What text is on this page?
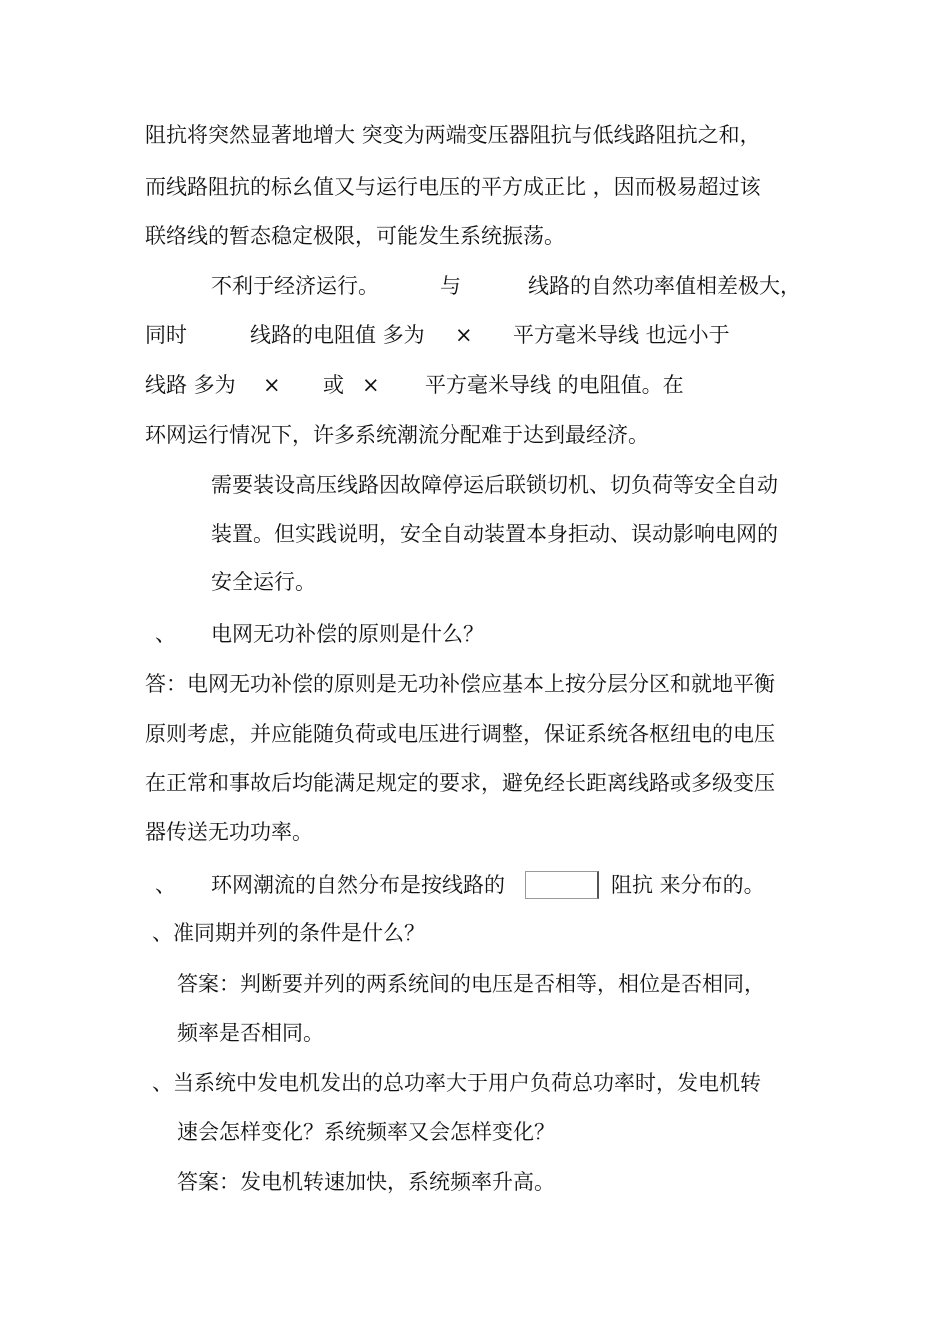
阻抗将突然显著地增大 突变为两端变压器阻抗与低线路阻抗之和，
而线路阻抗的标幺值又与运行电压的平方成正比 ，因而极易超过该
联络线的暂态稳定极限，可能发生系统振荡。
不利于经济运行。	与	线路的自然功率值相差极大，
同时	线路的电阻值 多为 × 平方毫米导线 也远小于
线路 多为 × 或 × 平方毫米导线 的电阻值。在
环网运行情况下，许多系统潮流分配难于达到最经济。
需要装设高压线路因故障停运后联锁切机、切负荷等安全自动
装置。但实践说明，安全自动装置本身拒动、误动影响电网的
安全运行。
、 电网无功补偿的原则是什么？
答：电网无功补偿的原则是无功补偿应基本上按分层分区和就地平衡
原则考虑，并应能随负荷或电压进行调整，保证系统各枢纽电的电压
在正常和事故后均能满足规定的要求，避免经长距离线路或多级变压
器传送无功功率。
、 环网潮流的自然分布是按线路的	阻抗 来分布的。
、准同期并列的条件是什么？
答案：判断要并列的两系统间的电压是否相等，相位是否相同，
频率是否相同。
、当系统中发电机发出的总功率大于用户负荷总功率时，发电机转
速会怎样变化？系统频率又会怎样变化？
答案：发电机转速加快，系统频率升高。
